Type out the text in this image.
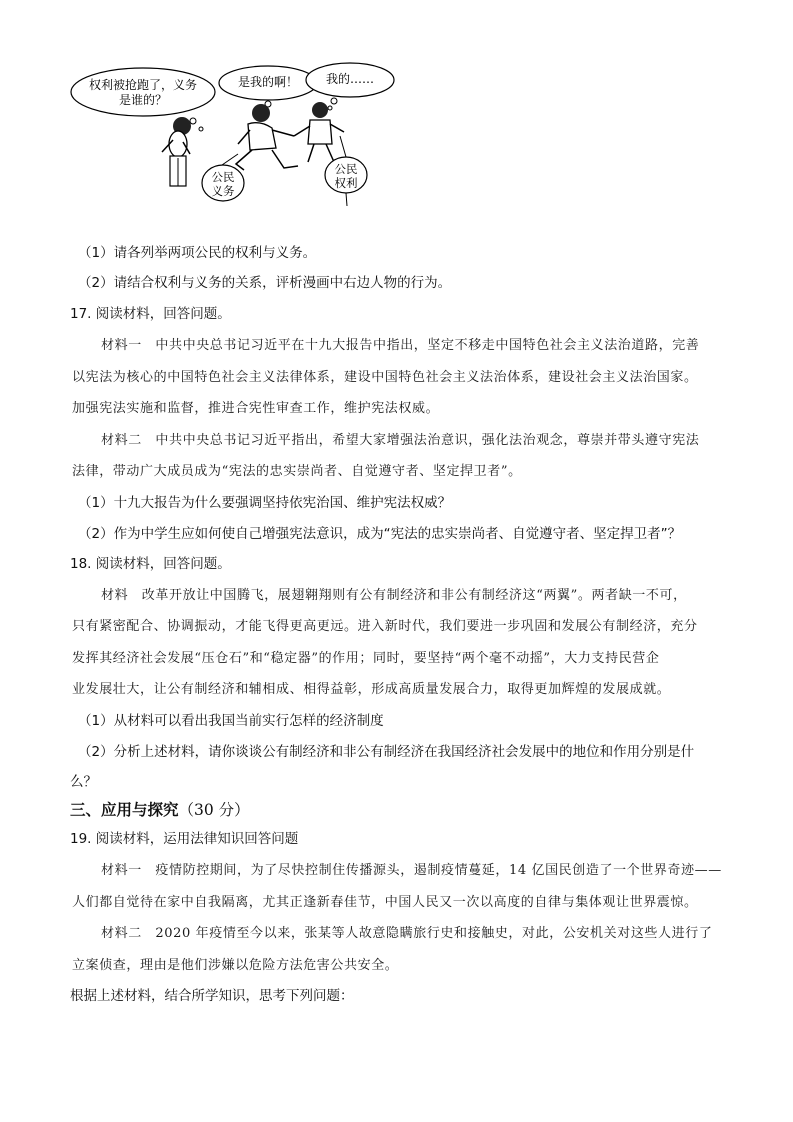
权利被抢跑了，义务
是谁的？
是我的啊！	我的……
公民
义务
公民
权利
（1）请各列举两项公民的权利与义务。
（2）请结合权利与义务的关系，评析漫画中右边人物的行为。
17. 阅读材料，回答问题。
材料一　中共中央总书记习近平在十九大报告中指出，坚定不移走中国特色社会主义法治道路，完善
以宪法为核心的中国特色社会主义法律体系，建设中国特色社会主义法治体系，建设社会主义法治国家。
加强宪法实施和监督，推进合宪性审查工作，维护宪法权威。
材料二　中共中央总书记习近平指出，希望大家增强法治意识，强化法治观念，尊崇并带头遵守宪法
法律，带动广大成员成为“宪法的忠实崇尚者、自觉遵守者、坚定捍卫者”。
（1）十九大报告为什么要强调坚持依宪治国、维护宪法权威？
（2）作为中学生应如何使自己增强宪法意识，成为“宪法的忠实崇尚者、自觉遵守者、坚定捍卫者”？
18. 阅读材料，回答问题。
材料　改革开放让中国腾飞，展翅翱翔则有公有制经济和非公有制经济这“两翼”。两者缺一不可，
只有紧密配合、协调振动，才能飞得更高更远。进入新时代，我们要进一步巩固和发展公有制经济，充分
发挥其经济社会发展“压仓石”和“稳定器”的作用；同时，要坚持“两个毫不动摇”，大力支持民营企
业发展壮大，让公有制经济和辅相成、相得益彰，形成高质量发展合力，取得更加辉煌的发展成就。
（1）从材料可以看出我国当前实行怎样的经济制度
（2）分析上述材料，请你谈谈公有制经济和非公有制经济在我国经济社会发展中的地位和作用分别是什
么？
三、应用与探究（30 分）
19. 阅读材料，运用法律知识回答问题
材料一　疫情防控期间，为了尽快控制住传播源头，遏制疫情蔓延，14 亿国民创造了一个世界奇迹——
人们都自觉待在家中自我隔离，尤其正逢新春佳节，中国人民又一次以高度的自律与集体观让世界震惊。
材料二　2020 年疫情至今以来，张某等人故意隐瞒旅行史和接触史，对此，公安机关对这些人进行了
立案侦查，理由是他们涉嫌以危险方法危害公共安全。
根据上述材料，结合所学知识，思考下列问题：
